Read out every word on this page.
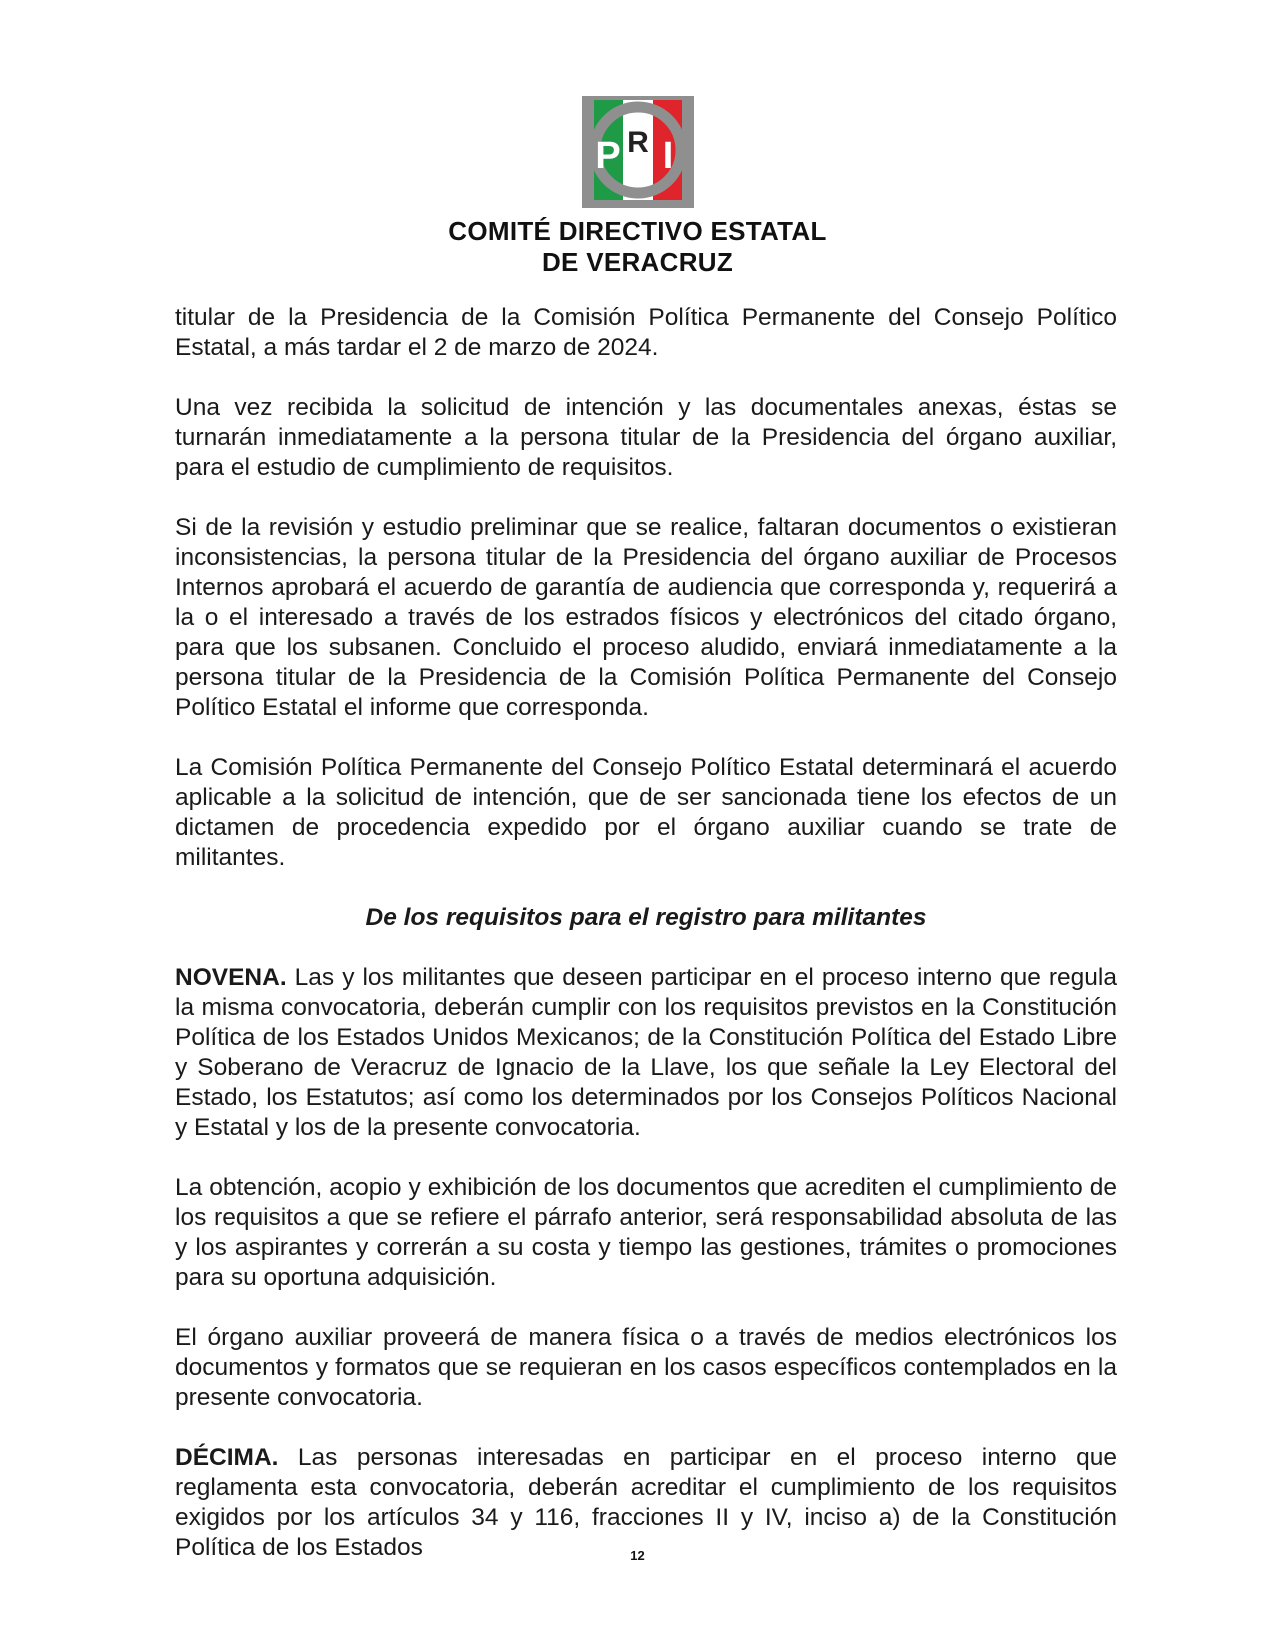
P R I
COMITÉ DIRECTIVO ESTATAL
DE VERACRUZ

titular de la Presidencia de la Comisión Política Permanente del Consejo Político Estatal, a más tardar el 2 de marzo de 2024.

Una vez recibida la solicitud de intención y las documentales anexas, éstas se turnarán inmediatamente a la persona titular de la Presidencia del órgano auxiliar, para el estudio de cumplimiento de requisitos.

Si de la revisión y estudio preliminar que se realice, faltaran documentos o existieran inconsistencias, la persona titular de la Presidencia del órgano auxiliar de Procesos Internos aprobará el acuerdo de garantía de audiencia que corresponda y, requerirá a la o el interesado a través de los estrados físicos y electrónicos del citado órgano, para que los subsanen. Concluido el proceso aludido, enviará inmediatamente a la persona titular de la Presidencia de la Comisión Política Permanente del Consejo Político Estatal el informe que corresponda.

La Comisión Política Permanente del Consejo Político Estatal determinará el acuerdo aplicable a la solicitud de intención, que de ser sancionada tiene los efectos de un dictamen de procedencia expedido por el órgano auxiliar cuando se trate de militantes.

De los requisitos para el registro para militantes

NOVENA. Las y los militantes que deseen participar en el proceso interno que regula la misma convocatoria, deberán cumplir con los requisitos previstos en la Constitución Política de los Estados Unidos Mexicanos; de la Constitución Política del Estado Libre y Soberano de Veracruz de Ignacio de la Llave, los que señale la Ley Electoral del Estado, los Estatutos; así como los determinados por los Consejos Políticos Nacional y Estatal y los de la presente convocatoria.

La obtención, acopio y exhibición de los documentos que acrediten el cumplimiento de los requisitos a que se refiere el párrafo anterior, será responsabilidad absoluta de las y los aspirantes y correrán a su costa y tiempo las gestiones, trámites o promociones para su oportuna adquisición.

El órgano auxiliar proveerá de manera física o a través de medios electrónicos los documentos y formatos que se requieran en los casos específicos contemplados en la presente convocatoria.

DÉCIMA. Las personas interesadas en participar en el proceso interno que reglamenta esta convocatoria, deberán acreditar el cumplimiento de los requisitos exigidos por los artículos 34 y 116, fracciones II y IV, inciso a) de la Constitución Política de los Estados	12
